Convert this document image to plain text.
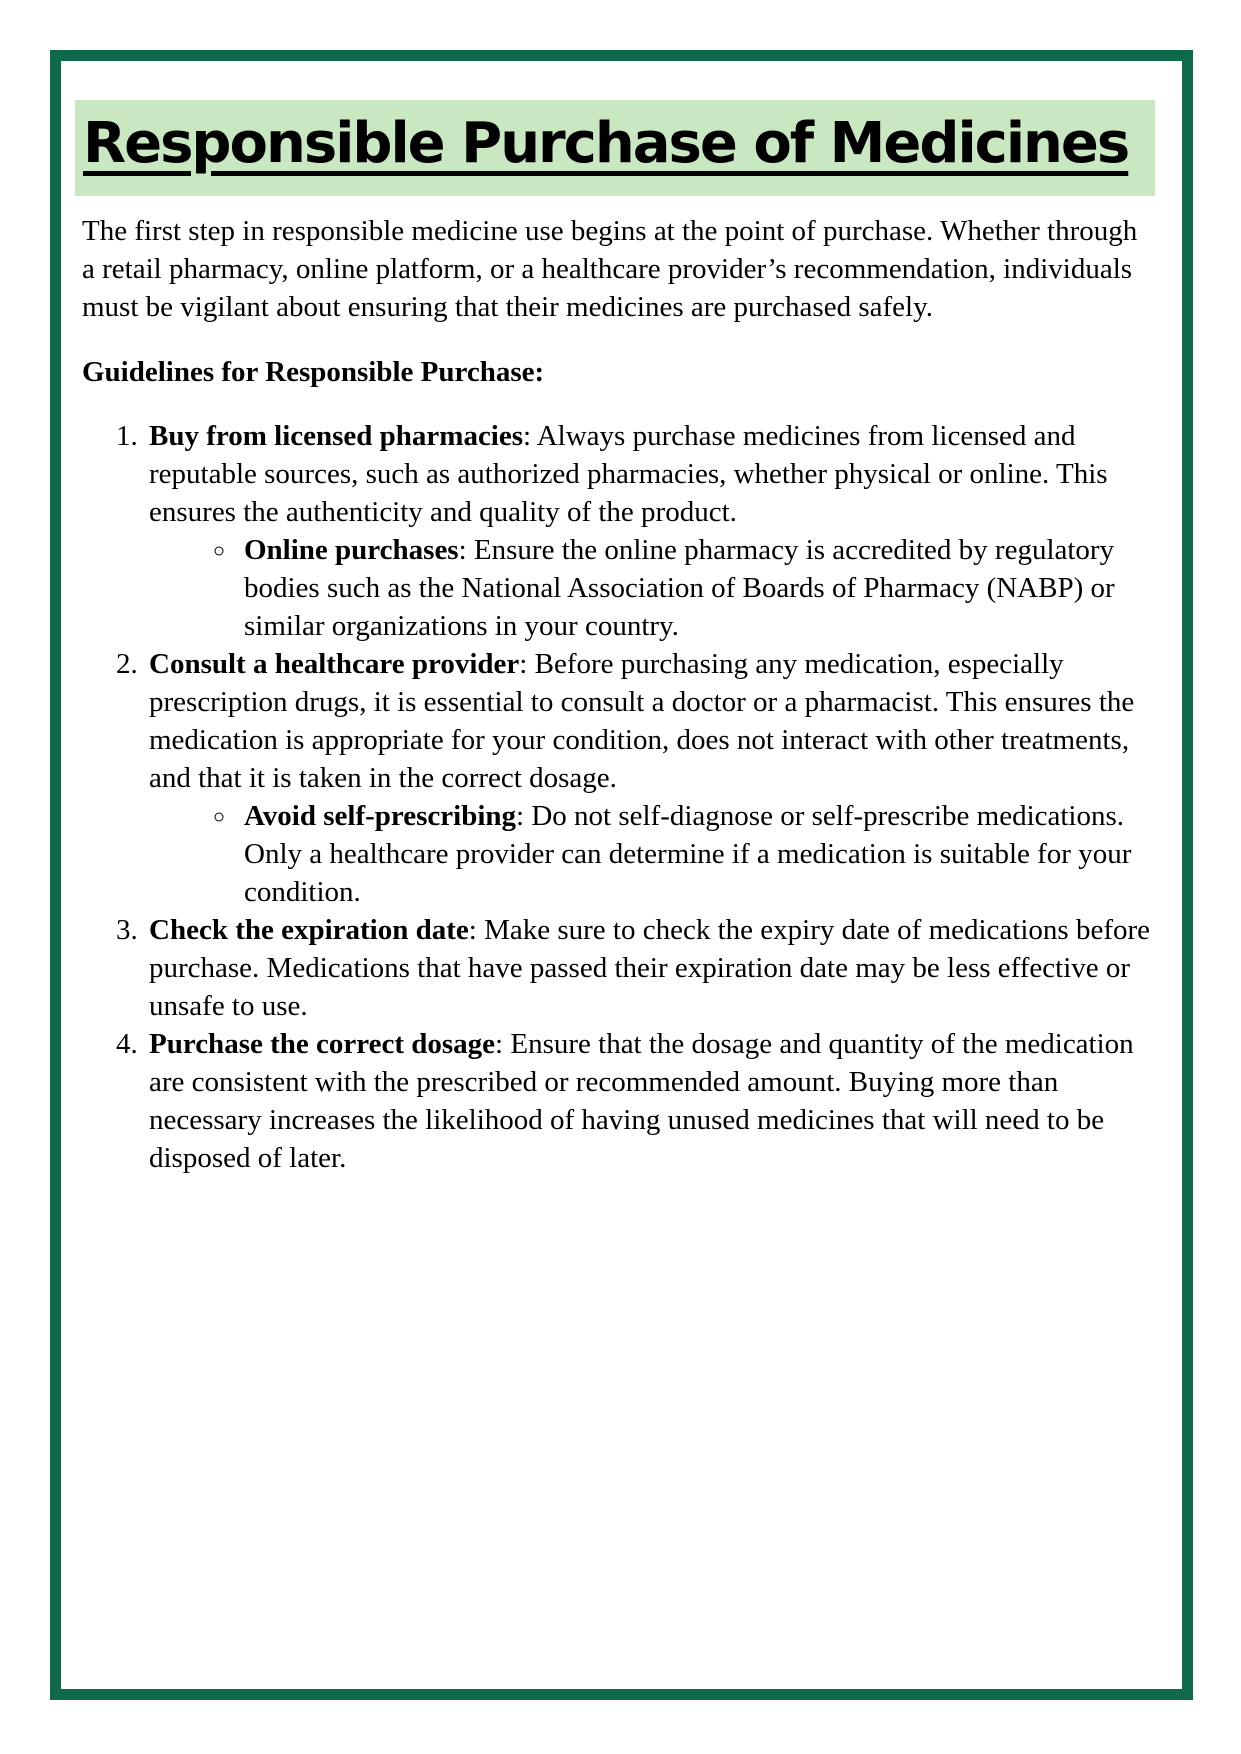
Responsible Purchase of Medicines

The first step in responsible medicine use begins at the point of purchase. Whether through a retail pharmacy, online platform, or a healthcare provider’s recommendation, individuals must be vigilant about ensuring that their medicines are purchased safely.

Guidelines for Responsible Purchase:
1. Buy from licensed pharmacies: Always purchase medicines from licensed and reputable sources, such as authorized pharmacies, whether physical or online. This ensures the authenticity and quality of the product.
◦ Online purchases: Ensure the online pharmacy is accredited by regulatory bodies such as the National Association of Boards of Pharmacy (NABP) or similar organizations in your country.
2. Consult a healthcare provider: Before purchasing any medication, especially prescription drugs, it is essential to consult a doctor or a pharmacist. This ensures the medication is appropriate for your condition, does not interact with other treatments, and that it is taken in the correct dosage.
◦ Avoid self-prescribing: Do not self-diagnose or self-prescribe medications. Only a healthcare provider can determine if a medication is suitable for your condition.
3. Check the expiration date: Make sure to check the expiry date of medications before purchase. Medications that have passed their expiration date may be less effective or unsafe to use.
4. Purchase the correct dosage: Ensure that the dosage and quantity of the medication are consistent with the prescribed or recommended amount. Buying more than necessary increases the likelihood of having unused medicines that will need to be disposed of later.
